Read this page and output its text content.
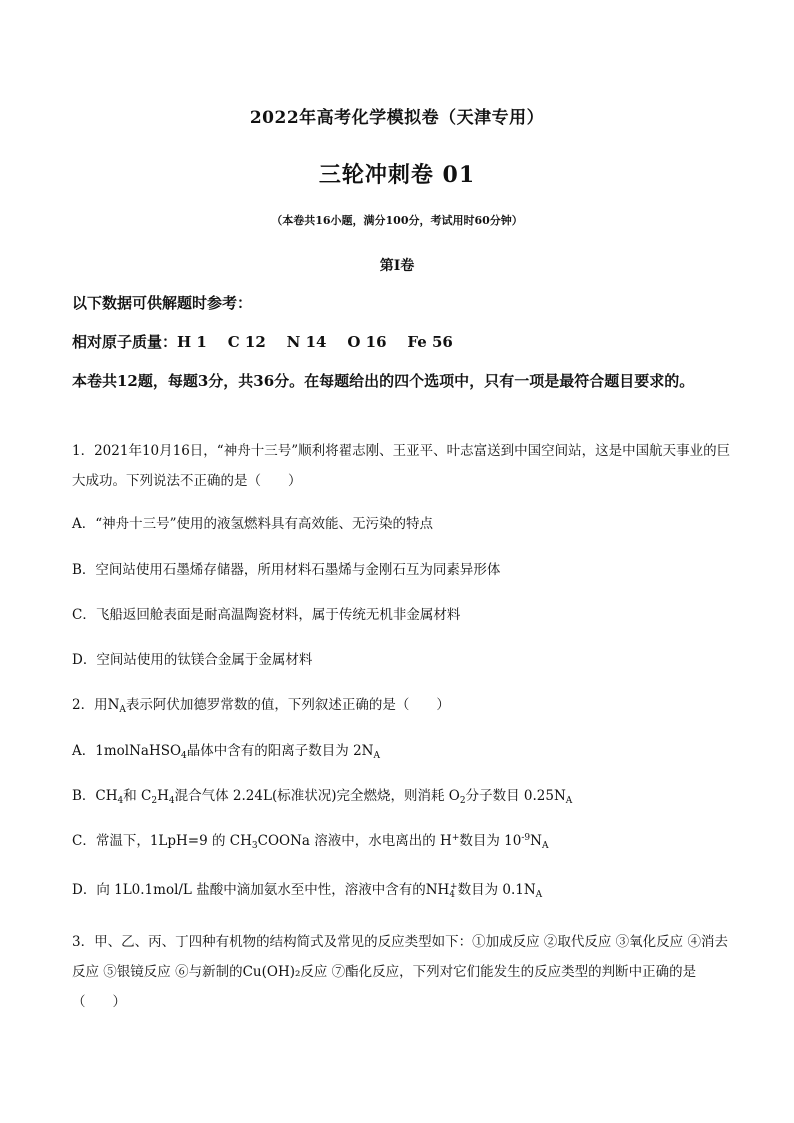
2022年高考化学模拟卷（天津专用）
三轮冲刺卷 01
（本卷共16小题，满分100分，考试用时60分钟）
第I卷
以下数据可供解题时参考：
相对原子质量：H 1    C 12    N 14    O 16    Fe 56
本卷共12题，每题3分，共36分。在每题给出的四个选项中，只有一项是最符合题目要求的。
1．2021年10月16日，“神舟十三号”顺利将翟志刚、王亚平、叶志富送到中国空间站，这是中国航天事业的巨大成功。下列说法不正确的是（　　）
A．“神舟十三号”使用的液氢燃料具有高效能、无污染的特点
B．空间站使用石墨烯存储器，所用材料石墨烯与金刚石互为同素异形体
C．飞船返回舱表面是耐高温陶瓷材料，属于传统无机非金属材料
D．空间站使用的钛镁合金属于金属材料
2．用$N_A$表示阿伏加德罗常数的值，下列叙述正确的是（　　）
A．1molNaHSO$_4$晶体中含有的阳离子数目为 $2N_A$
B．$CH_4$和 $C_2H_4$混合气体 2.24L(标准状况)完全燃烧，则消耗 $O_2$分子数目 $0.25N_A$
C．常温下，1LpH=9 的 $CH_3COONa$ 溶液中，水电离出的 H+数目为 $10^{-9}N_A$
D．向 1L0.1mol/L 盐酸中滴加氨水至中性，溶液中含有的$NH_4^+$数目为 $0.1N_A$
3．甲、乙、丙、丁四种有机物的结构简式及常见的反应类型如下：①加成反应 ②取代反应 ③氧化反应 ④消去反应 ⑤银镜反应 ⑥与新制的Cu(OH)₂反应 ⑦酯化反应，下列对它们能发生的反应类型的判断中正确的是（　　）
